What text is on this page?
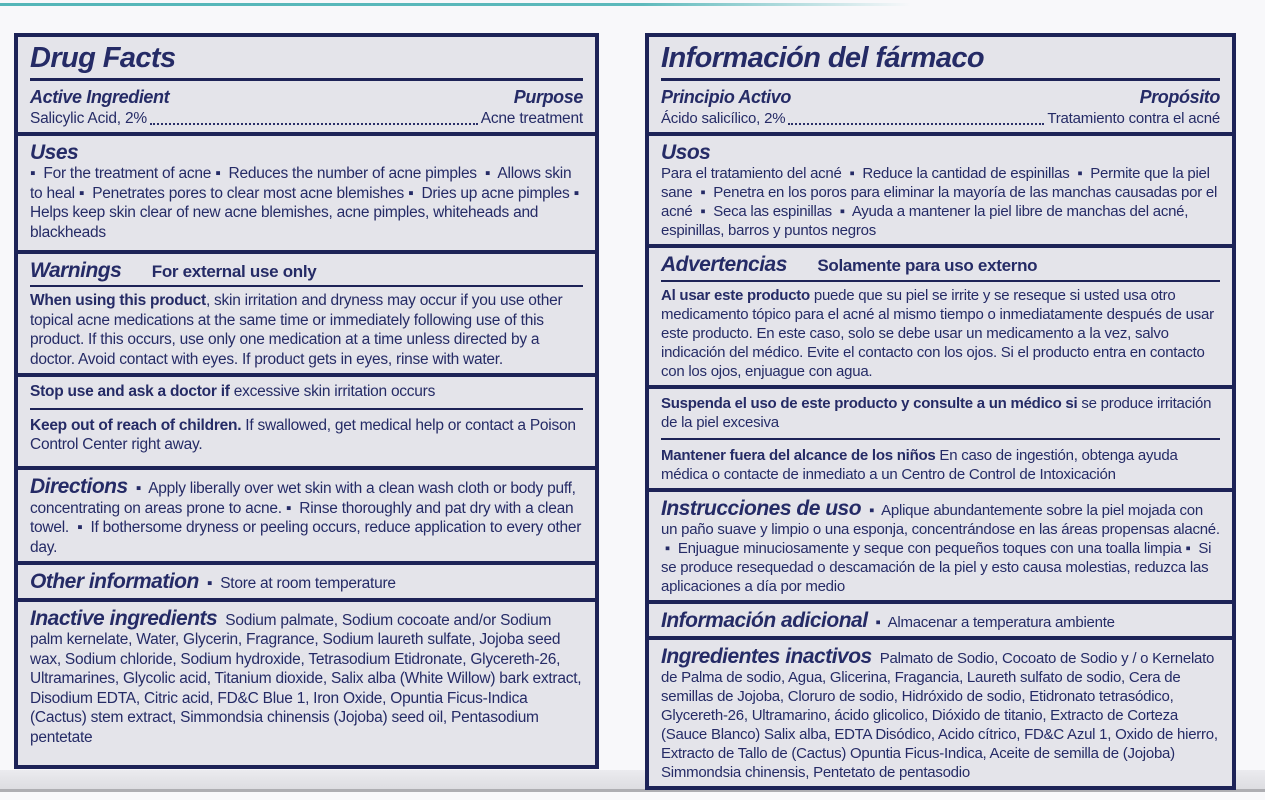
Drug Facts
Active Ingredient	Purpose
Salicylic Acid, 2%	Acne treatment
Uses
▪  For the treatment of acne ▪  Reduces the number of acne pimples  ▪  Allows skin to heal ▪  Penetrates pores to clear most acne blemishes ▪  Dries up acne pimples ▪  Helps keep skin clear of new acne blemishes, acne pimples, whiteheads and blackheads
Warnings For external use only
When using this product, skin irritation and dryness may occur if you use other topical acne medications at the same time or immediately following use of this product. If this occurs, use only one medication at a time unless directed by a doctor. Avoid contact with eyes. If product gets in eyes, rinse with water.
Stop use and ask a doctor if excessive skin irritation occurs
Keep out of reach of children. If swallowed, get medical help or contact a Poison Control Center right away.
Directions ▪  Apply liberally over wet skin with a clean wash cloth or body puff, concentrating on areas prone to acne. ▪  Rinse thoroughly and pat dry with a clean towel.  ▪  If bothersome dryness or peeling occurs, reduce application to every other day.
Other information ▪  Store at room temperature
Inactive ingredients Sodium palmate, Sodium cocoate and/or Sodium palm kernelate, Water, Glycerin, Fragrance, Sodium laureth sulfate, Jojoba seed wax, Sodium chloride, Sodium hydroxide, Tetrasodium Etidronate, Glycereth-26, Ultramarines, Glycolic acid, Titanium dioxide, Salix alba (White Willow) bark extract, Disodium EDTA, Citric acid, FD&C Blue 1, Iron Oxide, Opuntia Ficus-Indica (Cactus) stem extract, Simmondsia chinensis (Jojoba) seed oil, Pentasodium pentetate
Información del fármaco
Principio Activo	Propósito
Ácido salicílico, 2%	Tratamiento contra el acné
Usos
Para el tratamiento del acné  ▪  Reduce la cantidad de espinillas  ▪  Permite que la piel sane  ▪  Penetra en los poros para eliminar la mayoría de las manchas causadas por el acné  ▪  Seca las espinillas  ▪  Ayuda a mantener la piel libre de manchas del acné, espinillas, barros y puntos negros
Advertencias Solamente para uso externo
Al usar este producto puede que su piel se irrite y se reseque si usted usa otro medicamento tópico para el acné al mismo tiempo o inmediatamente después de usar este producto. En este caso, solo se debe usar un medicamento a la vez, salvo indicación del médico. Evite el contacto con los ojos. Si el producto entra en contacto con los ojos, enjuague con agua.
Suspenda el uso de este producto y consulte a un médico si se produce irritación de la piel excesiva
Mantener fuera del alcance de los niños En caso de ingestión, obtenga ayuda médica o contacte de inmediato a un Centro de Control de Intoxicación
Instrucciones de uso ▪  Aplique abundantemente sobre la piel mojada con un paño suave y limpio o una esponja, concentrándose en las áreas propensas alacné.  ▪  Enjuague minuciosamente y seque con pequeños toques con una toalla limpia ▪  Si se produce resequedad o descamación de la piel y esto causa molestias, reduzca las aplicaciones a día por medio
Información adicional ▪  Almacenar a temperatura ambiente
Ingredientes inactivos Palmato de Sodio, Cocoato de Sodio y / o Kernelato de Palma de sodio, Agua, Glicerina, Fragancia, Laureth sulfato de sodio, Cera de semillas de Jojoba, Cloruro de sodio, Hidróxido de sodio, Etidronato tetrasódico, Glycereth-26, Ultramarino, ácido glicolico, Dióxido de titanio, Extracto de Corteza (Sauce Blanco) Salix alba, EDTA Disódico, Acido cítrico, FD&C Azul 1, Oxido de hierro, Extracto de Tallo de (Cactus) Opuntia Ficus-Indica, Aceite de semilla de (Jojoba) Simmondsia chinensis, Pentetato de pentasodio
